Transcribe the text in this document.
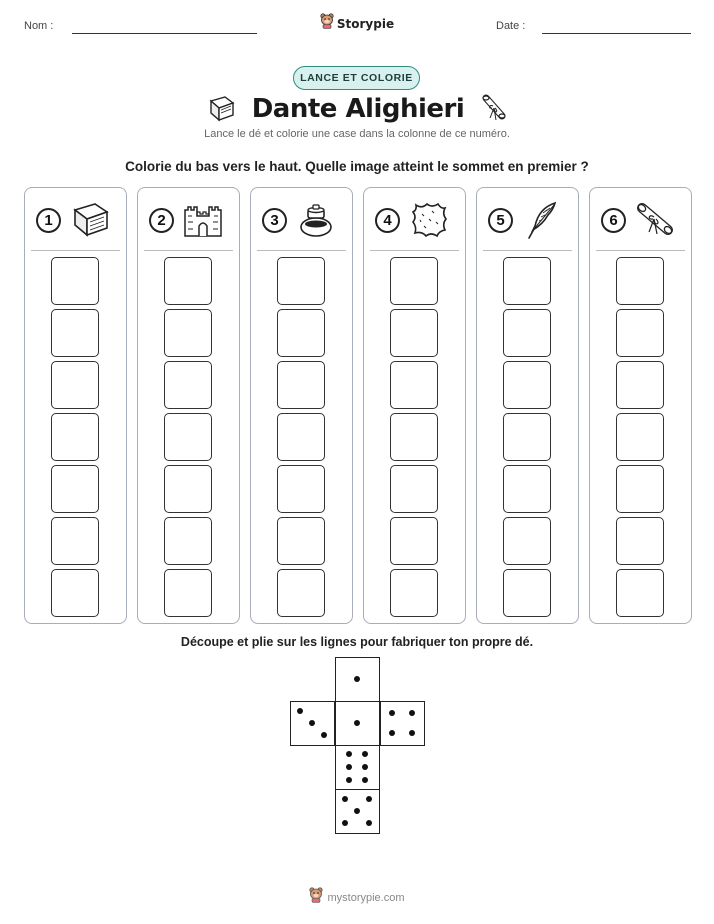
Nom :	Storypie	Date :
LANCE ET COLORIE
Dante Alighieri
Lance le dé et colorie une case dans la colonne de ce numéro.
Colorie du bas vers le haut. Quelle image atteint le sommet en premier ?
1	2	3	4	5	6
Découpe et plie sur les lignes pour fabriquer ton propre dé.
mystorypie.com
